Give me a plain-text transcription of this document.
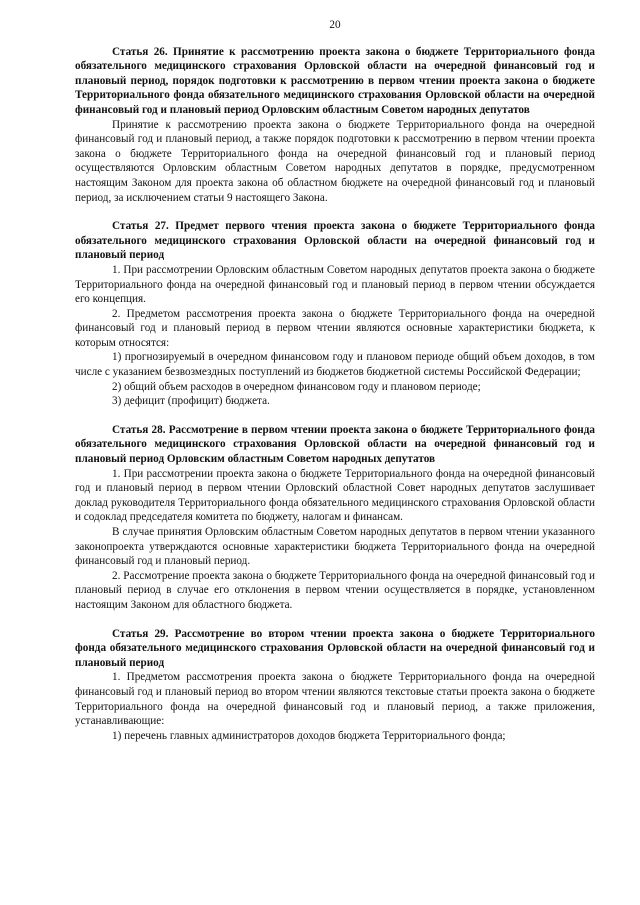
20

Статья 26. Принятие к рассмотрению проекта закона о бюджете Территориального фонда обязательного медицинского страхования Орловской области на очередной финансовый год и плановый период, порядок подготовки к рассмотрению в первом чтении проекта закона о бюджете Территориального фонда обязательного медицинского страхования Орловской области на очередной финансовый год и плановый период Орловским областным Советом народных депутатов

Принятие к рассмотрению проекта закона о бюджете Территориального фонда на очередной финансовый год и плановый период, а также порядок подготовки к рассмотрению в первом чтении проекта закона о бюджете Территориального фонда на очередной финансовый год и плановый период осуществляются Орловским областным Советом народных депутатов в порядке, предусмотренном настоящим Законом для проекта закона об областном бюджете на очередной финансовый год и плановый период, за исключением статьи 9 настоящего Закона.

Статья 27. Предмет первого чтения проекта закона о бюджете Территориального фонда обязательного медицинского страхования Орловской области на очередной финансовый год и плановый период

1. При рассмотрении Орловским областным Советом народных депутатов проекта закона о бюджете Территориального фонда на очередной финансовый год и плановый период в первом чтении обсуждается его концепция.

2. Предметом рассмотрения проекта закона о бюджете Территориального фонда на очередной финансовый год и плановый период в первом чтении являются основные характеристики бюджета, к которым относятся:

1) прогнозируемый в очередном финансовом году и плановом периоде общий объем доходов, в том числе с указанием безвозмездных поступлений из бюджетов бюджетной системы Российской Федерации;

2) общий объем расходов в очередном финансовом году и плановом периоде;

3) дефицит (профицит) бюджета.

Статья 28. Рассмотрение в первом чтении проекта закона о бюджете Территориального фонда обязательного медицинского страхования Орловской области на очередной финансовый год и плановый период Орловским областным Советом народных депутатов

1. При рассмотрении проекта закона о бюджете Территориального фонда на очередной финансовый год и плановый период в первом чтении Орловский областной Совет народных депутатов заслушивает доклад руководителя Территориального фонда обязательного медицинского страхования Орловской области и содоклад председателя комитета по бюджету, налогам и финансам.

В случае принятия Орловским областным Советом народных депутатов в первом чтении указанного законопроекта утверждаются основные характеристики бюджета Территориального фонда на очередной финансовый год и плановый период.

2. Рассмотрение проекта закона о бюджете Территориального фонда на очередной финансовый год и плановый период в случае его отклонения в первом чтении осуществляется в порядке, установленном настоящим Законом для областного бюджета.

Статья 29. Рассмотрение во втором чтении проекта закона о бюджете Территориального фонда обязательного медицинского страхования Орловской области на очередной финансовый год и плановый период

1. Предметом рассмотрения проекта закона о бюджете Территориального фонда на очередной финансовый год и плановый период во втором чтении являются текстовые статьи проекта закона о бюджете Территориального фонда на очередной финансовый год и плановый период, а также приложения, устанавливающие:

1) перечень главных администраторов доходов бюджета Территориального фонда;
